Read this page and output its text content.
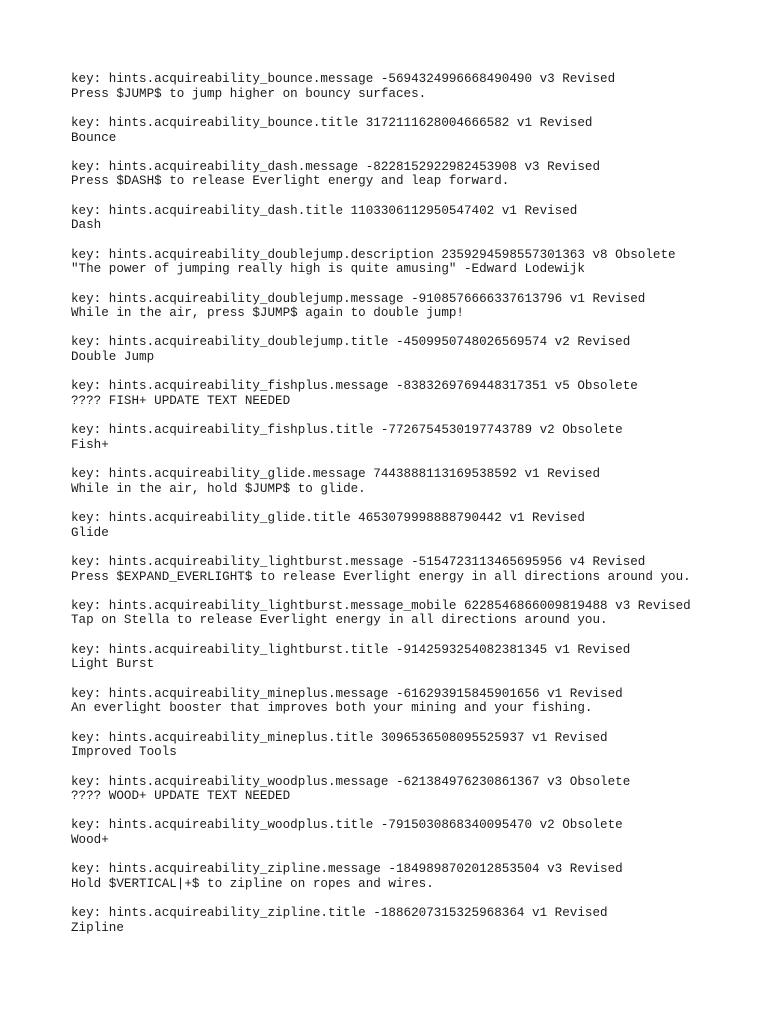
key: hints.acquireability_bounce.message -5694324996668490490 v3 Revised
Press $JUMP$ to jump higher on bouncy surfaces.
key: hints.acquireability_bounce.title 3172111628004666582 v1 Revised
Bounce
key: hints.acquireability_dash.message -8228152922982453908 v3 Revised
Press $DASH$ to release Everlight energy and leap forward.
key: hints.acquireability_dash.title 1103306112950547402 v1 Revised
Dash
key: hints.acquireability_doublejump.description 2359294598557301363 v8 Obsolete
"The power of jumping really high is quite amusing" -Edward Lodewijk
key: hints.acquireability_doublejump.message -9108576666337613796 v1 Revised
While in the air, press $JUMP$ again to double jump!
key: hints.acquireability_doublejump.title -4509950748026569574 v2 Revised
Double Jump
key: hints.acquireability_fishplus.message -8383269769448317351 v5 Obsolete
???? FISH+ UPDATE TEXT NEEDED
key: hints.acquireability_fishplus.title -7726754530197743789 v2 Obsolete
Fish+
key: hints.acquireability_glide.message 7443888113169538592 v1 Revised
While in the air, hold $JUMP$ to glide.
key: hints.acquireability_glide.title 4653079998888790442 v1 Revised
Glide
key: hints.acquireability_lightburst.message -5154723113465695956 v4 Revised
Press $EXPAND_EVERLIGHT$ to release Everlight energy in all directions around you.
key: hints.acquireability_lightburst.message_mobile 6228546866009819488 v3 Revised
Tap on Stella to release Everlight energy in all directions around you.
key: hints.acquireability_lightburst.title -9142593254082381345 v1 Revised
Light Burst
key: hints.acquireability_mineplus.message -616293915845901656 v1 Revised
An everlight booster that improves both your mining and your fishing.
key: hints.acquireability_mineplus.title 3096536508095525937 v1 Revised
Improved Tools
key: hints.acquireability_woodplus.message -621384976230861367 v3 Obsolete
???? WOOD+ UPDATE TEXT NEEDED
key: hints.acquireability_woodplus.title -7915030868340095470 v2 Obsolete
Wood+
key: hints.acquireability_zipline.message -1849898702012853504 v3 Revised
Hold $VERTICAL|+$ to zipline on ropes and wires.
key: hints.acquireability_zipline.title -1886207315325968364 v1 Revised
Zipline
